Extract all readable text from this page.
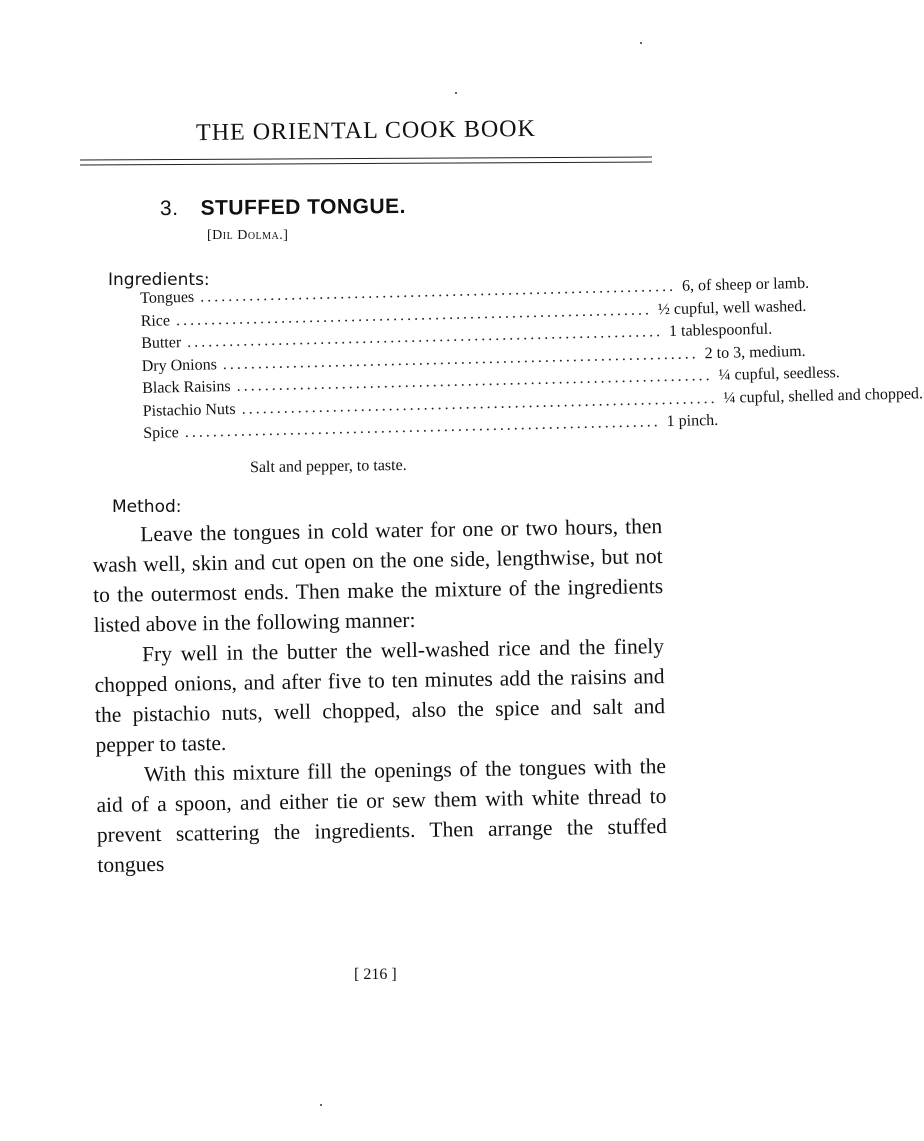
THE ORIENTAL COOK BOOK
3. STUFFED TONGUE.
[Dil Dolma.]
Ingredients:
Tongues .................................................................... 6, of sheep or lamb.
Rice .................................................................... ½ cupful, well washed.
Butter .................................................................... 1 tablespoonful.
Dry Onions .................................................................... 2 to 3, medium.
Black Raisins .................................................................... ¼ cupful, seedless.
Pistachio Nuts .................................................................... ¼ cupful, shelled and chopped.
Spice .................................................................... 1 pinch.
Salt and pepper, to taste.
Method:

Leave the tongues in cold water for one or two hours, then wash well, skin and cut open on the one side, lengthwise, but not to the outermost ends. Then make the mixture of the ingredients listed above in the following manner:

Fry well in the butter the well-washed rice and the finely chopped onions, and after five to ten minutes add the raisins and the pistachio nuts, well chopped, also the spice and salt and pepper to taste.

With this mixture fill the openings of the tongues with the aid of a spoon, and either tie or sew them with white thread to prevent scattering the ingredients. Then arrange the stuffed tongues

[ 216 ]
